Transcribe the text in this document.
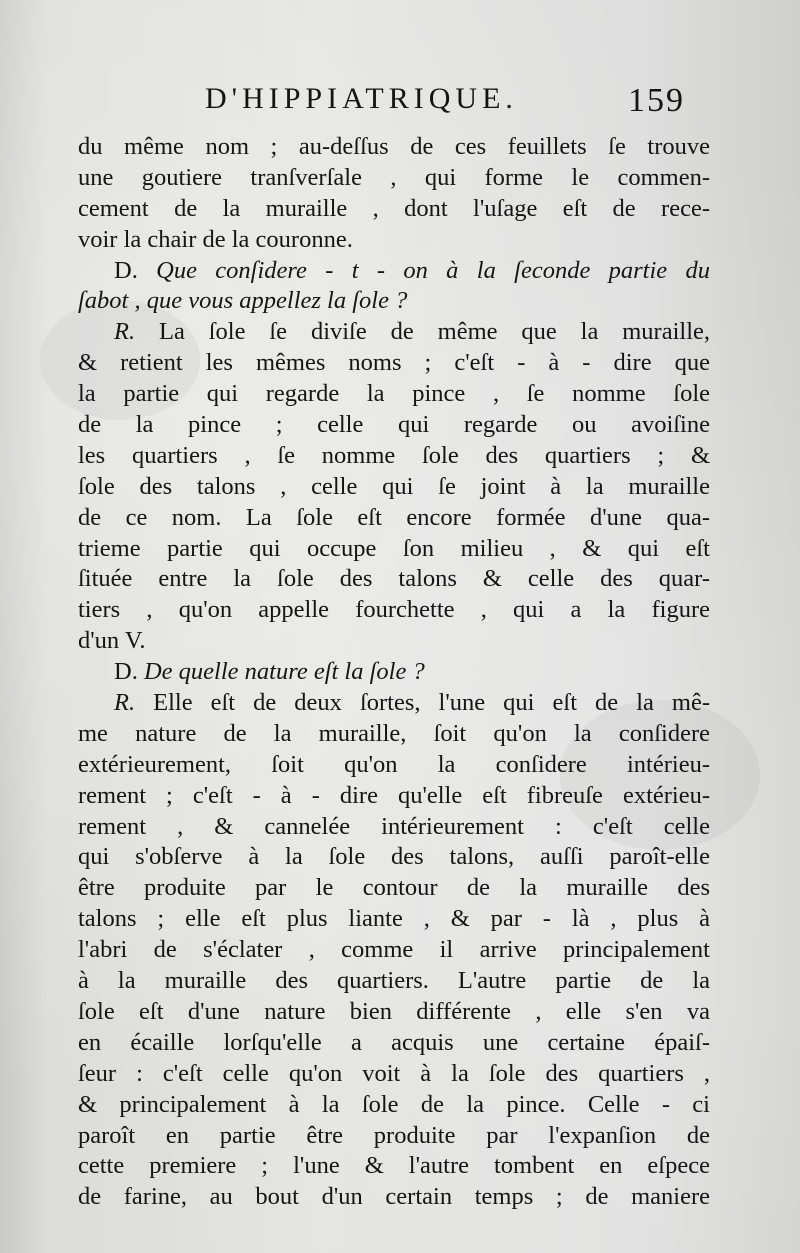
D'HIPPIATRIQUE.	159
du même nom ; au-deſſus de ces feuillets ſe trouve
une goutiere tranſverſale , qui forme le commen-
cement de la muraille , dont l'uſage eſt de rece-
voir la chair de la couronne.
D. Que conſidere - t - on à la ſeconde partie du
ſabot , que vous appellez la ſole ?
R. La ſole ſe diviſe de même que la muraille,
& retient les mêmes noms ; c'eſt - à - dire que
la partie qui regarde la pince , ſe nomme ſole
de la pince ; celle qui regarde ou avoiſine
les quartiers , ſe nomme ſole des quartiers ; &
ſole des talons , celle qui ſe joint à la muraille
de ce nom. La ſole eſt encore formée d'une qua-
trieme partie qui occupe ſon milieu , & qui eſt
ſituée entre la ſole des talons & celle des quar-
tiers , qu'on appelle fourchette , qui a la figure
d'un V.
D. De quelle nature eſt la ſole ?
R. Elle eſt de deux ſortes, l'une qui eſt de la mê-
me nature de la muraille, ſoit qu'on la conſidere
extérieurement, ſoit qu'on la conſidere intérieu-
rement ; c'eſt - à - dire qu'elle eſt fibreuſe extérieu-
rement , & cannelée intérieurement : c'eſt celle
qui s'obſerve à la ſole des talons, auſſi paroît-elle
être produite par le contour de la muraille des
talons ; elle eſt plus liante , & par - là , plus à
l'abri de s'éclater , comme il arrive principalement
à la muraille des quartiers. L'autre partie de la
ſole eſt d'une nature bien différente , elle s'en va
en écaille lorſqu'elle a acquis une certaine épaiſ-
ſeur : c'eſt celle qu'on voit à la ſole des quartiers ,
& principalement à la ſole de la pince. Celle - ci
paroît en partie être produite par l'expanſion de
cette premiere ; l'une & l'autre tombent en eſpece
de farine, au bout d'un certain temps ; de maniere
